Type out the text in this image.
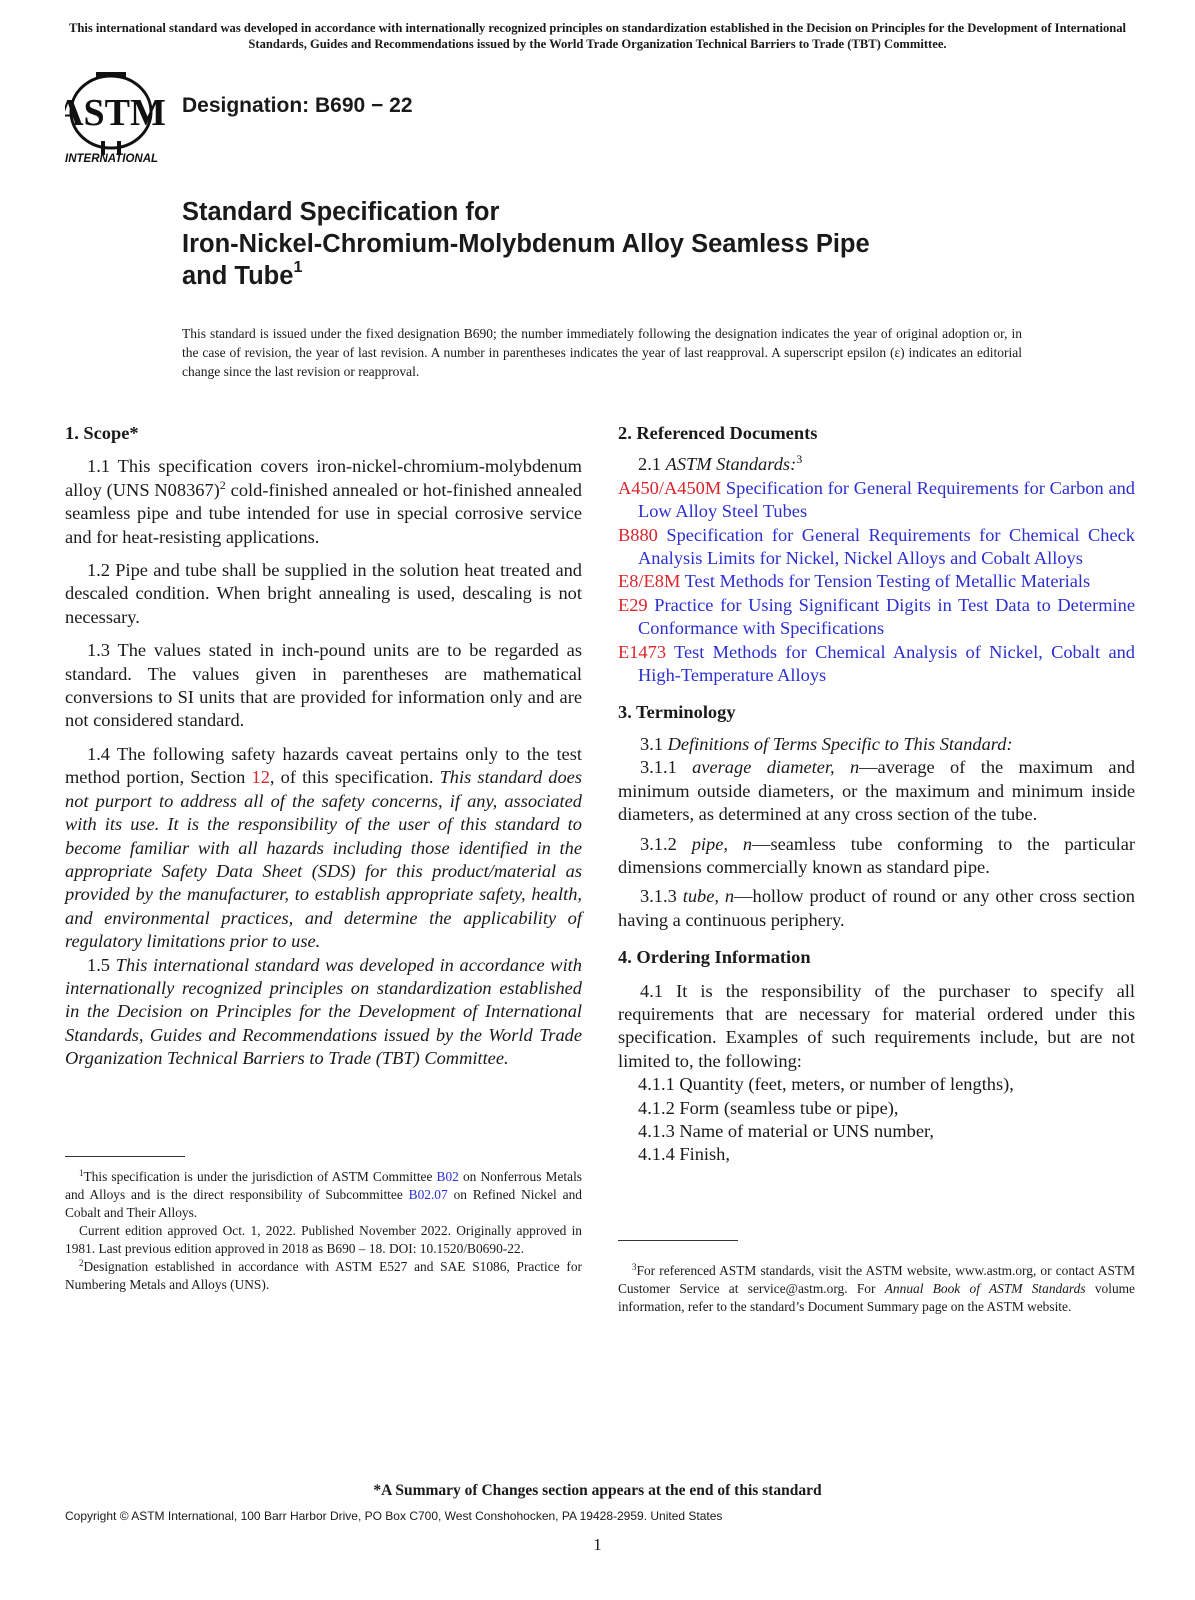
This international standard was developed in accordance with internationally recognized principles on standardization established in the Decision on Principles for the Development of International Standards, Guides and Recommendations issued by the World Trade Organization Technical Barriers to Trade (TBT) Committee.
ASTM
INTERNATIONAL
Designation: B690 − 22
Standard Specification for
Iron-Nickel-Chromium-Molybdenum Alloy Seamless Pipe
and Tube$^1$
This standard is issued under the fixed designation B690; the number immediately following the designation indicates the year of original adoption or, in the case of revision, the year of last revision. A number in parentheses indicates the year of last reapproval. A superscript epsilon (ε) indicates an editorial change since the last revision or reapproval.
1. Scope*

1.1 This specification covers iron-nickel-chromium-molybdenum alloy (UNS N08367)$^2$ cold-finished annealed or hot-finished annealed seamless pipe and tube intended for use in special corrosive service and for heat-resisting applications.

1.2 Pipe and tube shall be supplied in the solution heat treated and descaled condition. When bright annealing is used, descaling is not necessary.

1.3 The values stated in inch-pound units are to be regarded as standard. The values given in parentheses are mathematical conversions to SI units that are provided for information only and are not considered standard.

1.4 The following safety hazards caveat pertains only to the test method portion, Section 12, of this specification. This standard does not purport to address all of the safety concerns, if any, associated with its use. It is the responsibility of the user of this standard to become familiar with all hazards including those identified in the appropriate Safety Data Sheet (SDS) for this product/material as provided by the manufacturer, to establish appropriate safety, health, and environmental practices, and determine the applicability of regulatory limitations prior to use.

1.5 This international standard was developed in accordance with internationally recognized principles on standardization established in the Decision on Principles for the Development of International Standards, Guides and Recommendations issued by the World Trade Organization Technical Barriers to Trade (TBT) Committee.

$^1$This specification is under the jurisdiction of ASTM Committee B02 on Nonferrous Metals and Alloys and is the direct responsibility of Subcommittee B02.07 on Refined Nickel and Cobalt and Their Alloys.

Current edition approved Oct. 1, 2022. Published November 2022. Originally approved in 1981. Last previous edition approved in 2018 as B690 – 18. DOI: 10.1520/B0690-22.

$^2$Designation established in accordance with ASTM E527 and SAE S1086, Practice for Numbering Metals and Alloys (UNS).

2. Referenced Documents

2.1 ASTM Standards:$^3$

A450/A450M Specification for General Requirements for Carbon and Low Alloy Steel Tubes

B880 Specification for General Requirements for Chemical Check Analysis Limits for Nickel, Nickel Alloys and Cobalt Alloys

E8/E8M Test Methods for Tension Testing of Metallic Materials

E29 Practice for Using Significant Digits in Test Data to Determine Conformance with Specifications

E1473 Test Methods for Chemical Analysis of Nickel, Cobalt and High-Temperature Alloys

3. Terminology

3.1 Definitions of Terms Specific to This Standard:

3.1.1 average diameter, n—average of the maximum and minimum outside diameters, or the maximum and minimum inside diameters, as determined at any cross section of the tube.

3.1.2 pipe, n—seamless tube conforming to the particular dimensions commercially known as standard pipe.

3.1.3 tube, n—hollow product of round or any other cross section having a continuous periphery.

4. Ordering Information

4.1 It is the responsibility of the purchaser to specify all requirements that are necessary for material ordered under this specification. Examples of such requirements include, but are not limited to, the following:

4.1.1 Quantity (feet, meters, or number of lengths),

4.1.2 Form (seamless tube or pipe),

4.1.3 Name of material or UNS number,

4.1.4 Finish,

$^3$For referenced ASTM standards, visit the ASTM website, www.astm.org, or contact ASTM Customer Service at service@astm.org. For Annual Book of ASTM Standards volume information, refer to the standard’s Document Summary page on the ASTM website.

*A Summary of Changes section appears at the end of this standard
Copyright © ASTM International, 100 Barr Harbor Drive, PO Box C700, West Conshohocken, PA 19428-2959. United States
1
